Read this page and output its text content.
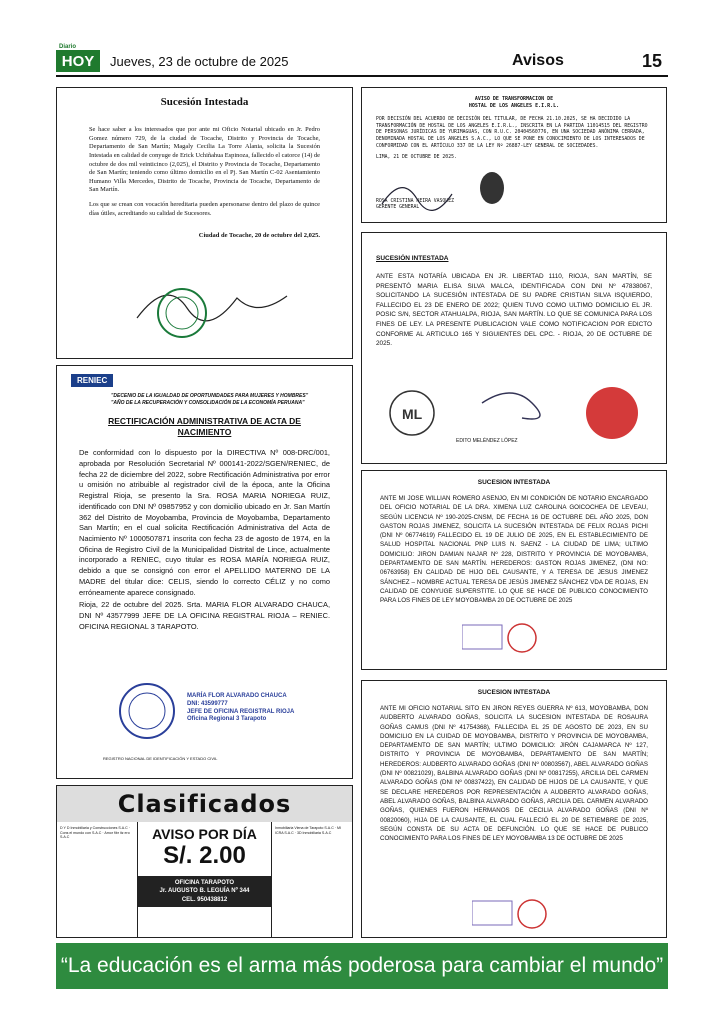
Diario
HOY Jueves, 23 de octubre de 2025	Avisos	15
Sucesión Intestada
Se hace saber a los interesados que por ante mi Oficio Notarial ubicado en Jr. Pedro Gomez número 729, de la ciudad de Tocache, Distrito y Provincia de Tocache, Departamento de San Martín; Magaly Cecilia La Torre Alania, solicita la Sucesión Intestada en calidad de conyuge de Erick Uchiñahua Espinoza, fallecido el catorce (14) de octubre de dos mil veinticinco (2,025), el Distrito y Provincia de Tocache, Departamento de San Martín; teniendo como último domicilio en el Pj. San Martín C-02 Asentamiento Humano Villa Mercedes, Distrito de Tocache, Provincia de Tocache, Departamento de San Martín.
Los que se crean con vocación hereditaria pueden apersonarse dentro del plazo de quince días útiles, acreditando su calidad de Sucesores.
Ciudad de Tocache, 20 de octubre del 2,025.
AVISO DE TRANSFORMACION DE
HOSTAL DE LOS ANGELES E.I.R.L.
POR DECISIÓN DEL ACUERDO DE DECISIÓN DEL TITULAR, DE FECHA 21.10.2025, SE HA DECIDIDO LA TRANSFORMACIÓN DE HOSTAL DE LOS ANGELES E.I.R.L., INSCRITA EN LA PARTIDA 11014515 DEL REGISTRO DE PERSONAS JURÍDICAS DE YURIMAGUAS, CON R.U.C. 20404560776, EN UNA SOCIEDAD ANÓNIMA CERRADA, DENOMINADA HOSTAL DE LOS ANGELES S.A.C., LO QUE SE PONE EN CONOCIMIENTO DE LOS INTERESADOS DE CONFORMIDAD CON EL ARTÍCULO 337 DE LA LEY Nº 26887-LEY GENERAL DE SOCIEDADES.
LIMA, 21 DE OCTUBRE DE 2025.
ROSA CRISTINA NEIRA VASQUEZ
GERENTE GENERAL
SUCESIÓN INTESTADA
ANTE ESTA NOTARÍA UBICADA EN JR. LIBERTAD 1110, RIOJA, SAN MARTÍN, SE PRESENTÓ MARIA ELISA SILVA MALCA, IDENTIFICADA CON DNI Nº 47838067, SOLICITANDO LA SUCESIÓN INTESTADA DE SU PADRE CRISTIAN SILVA ISQUIERDO, FALLECIDO EL 23 DE ENERO DE 2022; QUIEN TUVO COMO ULTIMO DOMICILIO EL JR. POSIC S/N, SECTOR ATAHUALPA, RIOJA, SAN MARTÍN. LO QUE SE COMUNICA PARA LOS FINES DE LEY. LA PRESENTE PUBLICACION VALE COMO NOTIFICACION POR EDICTO CONFORME AL ARTICULO 165 Y SIGUIENTES DEL CPC. - RIOJA, 20 DE OCTUBRE DE 2025.
ML
EDITO MELÉNDEZ LÓPEZ
RENIEC
"DECENIO DE LA IGUALDAD DE OPORTUNIDADES PARA MUJERES Y HOMBRES"
"AÑO DE LA RECUPERACIÓN Y CONSOLIDACIÓN DE LA ECONOMÍA PERUANA"
RECTIFICACIÓN ADMINISTRATIVA DE ACTA DE NACIMIENTO
De conformidad con lo dispuesto por la DIRECTIVA Nº 008-DRC/001, aprobada por Resolución Secretarial Nº 000141-2022/SGEN/RENIEC, de fecha 22 de diciembre del 2022, sobre Rectificación Administrativa por error u omisión no atribuible al registrador civil de la época, ante la Oficina Registral Rioja, se presento la Sra. ROSA MARIA NORIEGA RUIZ, identificado con DNI Nº 09857952 y con domicilio ubicado en Jr. San Martín 362 del Distrito de Moyobamba, Provincia de Moyobamba, Departamento San Martín; en el cual solicita Rectificación Administrativa del Acta de Nacimiento Nº 1000507871 inscrita con fecha 23 de agosto de 1974, en la Oficina de Registro Civil de la Municipalidad Distrital de Lince, actualmente incorporado a RENIEC, cuyo titular es ROSA MARÍA NORIEGA RUIZ, debido a que se consignó con error el APELLIDO MATERNO DE LA MADRE del titular dice: CELIS, siendo lo correcto CÉLIZ y no como erróneamente aparece consignado.
Rioja, 22 de octubre del 2025. Srta. MARIA FLOR ALVARADO CHAUCA, DNI Nº 43577999 JEFE DE LA OFICINA REGISTRAL RIOJA – RENIEC. OFICINA REGIONAL 3 TARAPOTO.
MARÍA FLOR ALVARADO CHAUCA
DNI: 43599777
JEFE DE OFICINA REGISTRAL RIOJA
Oficina Regional 3 Tarapoto
REGISTRO NACIONAL DE IDENTIFICACIÓN Y ESTADO CIVIL
Clasificados
D Y D Inmobiliaria y Construcciones S.A.C · Cons el mundo con S.A.C · Amor fibr itz ero S.A.C	AVISO POR DÍA
S/. 2.00
OFICINA TARAPOTO
Jr. AUGUSTO B. LEGUÍA Nº 344
CEL. 950438812
Inmobiliaria Viena de Tarapoto S.A.C · MI ICRA S.A.C · 3D Inmobiliaria S.A.C
SUCESION INTESTADA
ANTE MI JOSE WILLIAN ROMERO ASENJO, EN MI CONDICIÓN DE NOTARIO ENCARGADO DEL OFICIO NOTARIAL DE LA DRA. XIMENA LUZ CAROLINA GOICOCHEA DE LEVEAU, SEGÚN LICENCIA Nº 190-2025-CNSM, DE FECHA 16 DE OCTUBRE DEL AÑO 2025, DON GASTON ROJAS JIMENEZ, SOLICITA LA SUCESIÓN INTESTADA DE FELIX ROJAS PICHI (DNI Nº 06774619) FALLECIDO EL 19 DE JULIO DE 2025, EN EL ESTABLECIMIENTO DE SALUD HOSPITAL NACIONAL PNP LUIS N. SAENZ - LA CIUDAD DE LIMA; ULTIMO DOMICILIO: JIRON DAMIAN NAJAR Nº 228, DISTRITO Y PROVINCIA DE MOYOBAMBA, DEPARTAMENTO DE SAN MARTÍN. HEREDEROS: GASTON ROJAS JIMENEZ, (DNI NO: 06763958) EN CALIDAD DE HIJO DEL CAUSANTE, Y A TERESA DE JESUS JIMENEZ SÁNCHEZ – NOMBRE ACTUAL TERESA DE JESÚS JIMENEZ SÁNCHEZ VDA DE ROJAS, EN CALIDAD DE CONYUGE SUPERSTITE. LO QUE SE HACE DE PUBLICO CONOCIMIENTO PARA LOS FINES DE LEY MOYOBAMBA 20 DE OCTUBRE DE 2025
SUCESION INTESTADA
ANTE MI OFICIO NOTARIAL SITO EN JIRON REYES GUERRA Nº 613, MOYOBAMBA, DON AUDBERTO ALVARADO GOÑAS, SOLICITA LA SUCESION INTESTADA DE ROSAURA GOÑAS CAMUS (DNI Nº 41754368), FALLECIDA EL 25 DE AGOSTO DE 2023, EN SU DOMICILIO EN LA CUIDAD DE MOYOBAMBA, DISTRITO Y PROVINCIA DE MOYOBAMBA, DEPARTAMENTO DE SAN MARTÍN; ULTIMO DOMICILIO: JIRÓN CAJAMARCA Nº 127, DISTRITO Y PROVINCIA DE MOYOBAMBA, DEPARTAMENTO DE SAN MARTÍN; HEREDEROS: AUDBERTO ALVARADO GOÑAS (DNI Nº 00803567), ABEL ALVARADO GOÑAS (DNI Nº 00821029), BALBINA ALVARADO GOÑAS (DNI Nº 00817255), ARCILIA DEL CARMEN ALVARADO GOÑAS (DNI Nº 00837422), EN CALIDAD DE HIJOS DE LA CAUSANTE, Y QUE SE DECLARE HEREDEROS POR REPRESENTACIÓN A AUDBERTO ALVARADO GOÑAS, ABEL ALVARADO GOÑAS, BALBINA ALVARADO GOÑAS, ARCILIA DEL CARMEN ALVARADO GOÑAS, QUIENES FUERON HERMANOS DE CECILIA ALVARADO GOÑAS (DNI Nº 00820060), HIJA DE LA CAUSANTE, EL CUAL FALLECIÓ EL 20 DE SETIEMBRE DE 2025, SEGÚN CONSTA DE SU ACTA DE DEFUNCIÓN. LO QUE SE HACE DE PUBLICO CONOCIMIENTO PARA LOS FINES DE LEY MOYOBAMBA 13 DE OCTUBRE DE 2025
“La educación es el arma más poderosa para cambiar el mundo”
